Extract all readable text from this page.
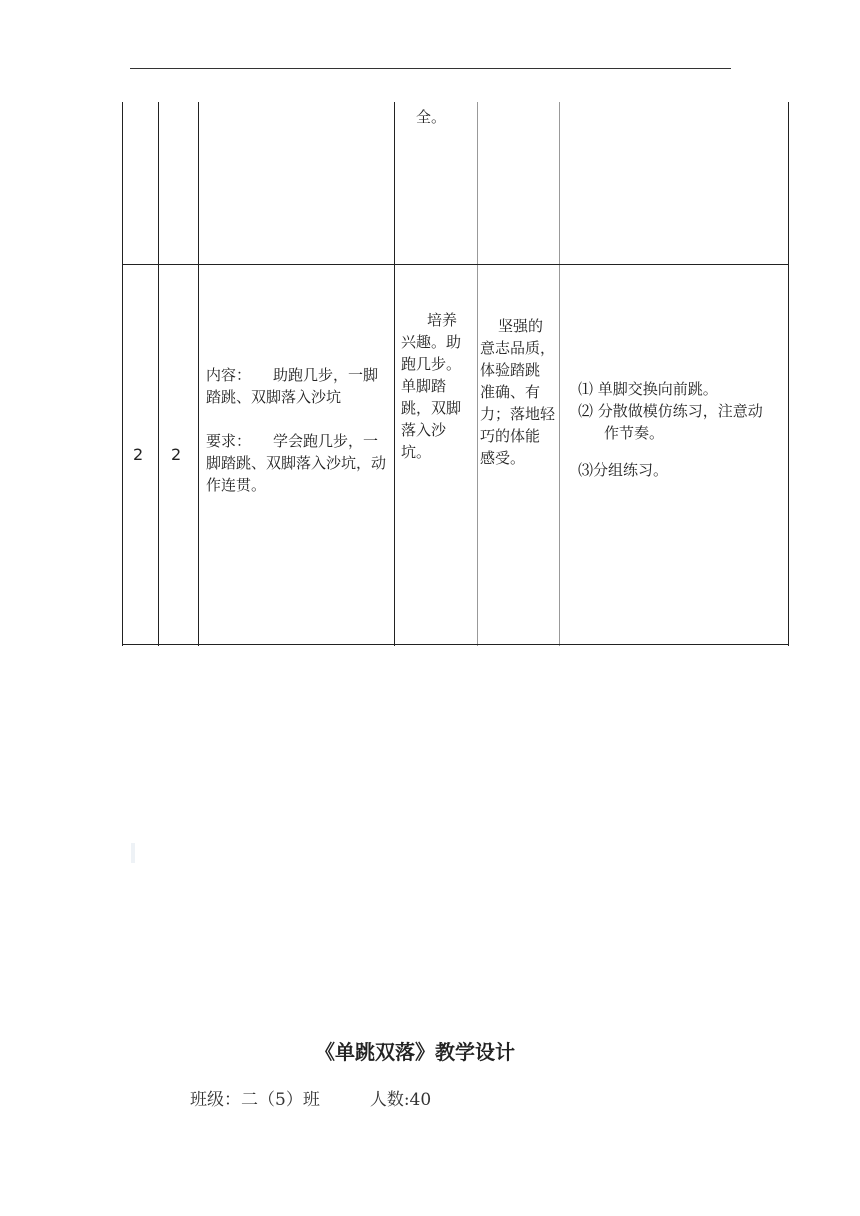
全。
2 2
内容： 助跑几步，一脚踏跳、双脚落入沙坑
要求： 学会跑几步，一脚踏跳、双脚落入沙坑，动作连贯。
培养
兴趣。助
跑几步。
单脚踏
跳，双脚
落入沙
坑。
坚强的
意志品质，
体验踏跳
准确、有
力；落地轻
巧的体能
感受。
⑴ 单脚交换向前跳。
⑵ 分散做模仿练习，注意动
作节奏。
⑶分组练习。
《单跳双落》教学设计
班级：二（5）班	人数:40
